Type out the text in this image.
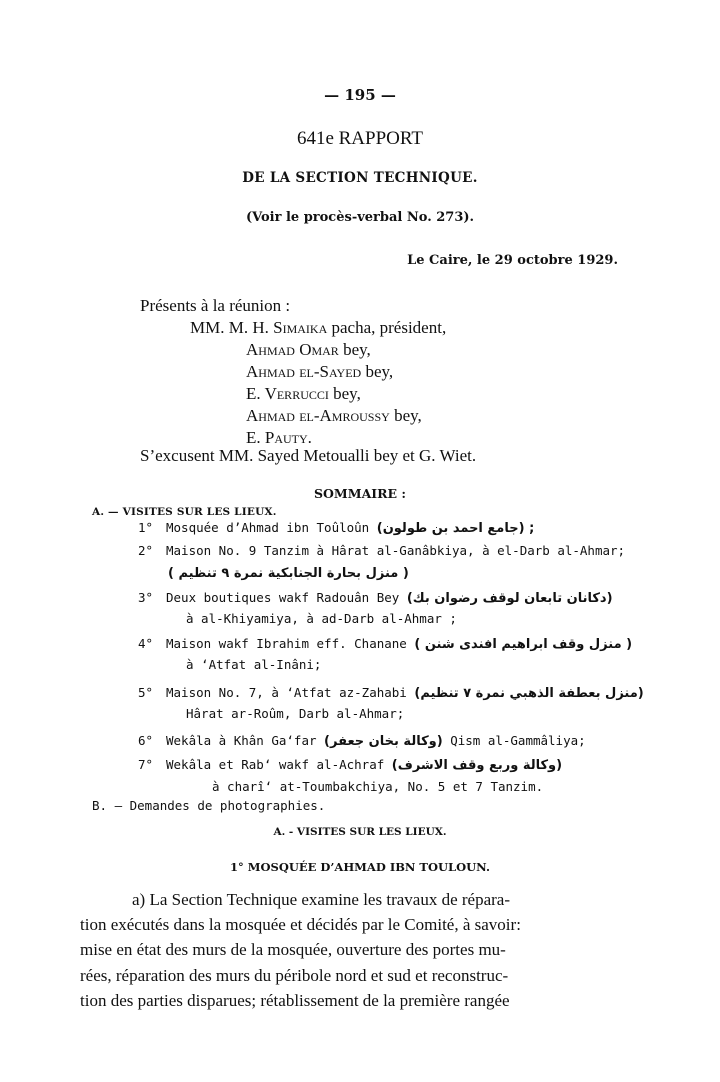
— 195 —
641e RAPPORT
DE LA SECTION TECHNIQUE.
(Voir le procès-verbal No. 273).
Le Caire, le 29 octobre 1929.
Présents à la réunion :
MM. M. H. Simaika pacha, président,
Ahmad Omar bey,
Ahmad el-Sayed bey,
E. Verrucci bey,
Ahmad el-Amroussy bey,
E. Pauty.
S’excusent MM. Sayed Metoualli bey et G. Wiet.
SOMMAIRE :
A. — VISITES SUR LES LIEUX.
1° Mosquée d’Ahmad ibn Toûloûn (جامع احمد بن طولون) ;
2° Maison No. 9 Tanzim à Hârat al-Ganâbkiya, à el-Darb al-Ahmar;
( منزل بحارة الجنابكية نمرة ٩ تنظيم )
3° Deux boutiques wakf Radouân Bey (دكانان تابعان لوقف رضوان بك)
à al-Khiyamiya, à ad-Darb al-Ahmar ;
4° Maison wakf Ibrahim eff. Chanane ( منزل وقف ابراهيم افندى شنن )
à ‘Atfat al-Inâni;
5° Maison No. 7, à ‘Atfat az-Zahabi (منزل بعطفة الذهبي نمرة ٧ تنظيم)
Hârat ar-Roûm, Darb al-Ahmar;
6° Wekâla à Khân Ga‘far (وكالة بخان جعفر) Qism al-Gammâliya;
7° Wekâla et Rab‘ wakf al-Achraf (وكالة وربع وقف الاشرف)
à charî‘ at-Toumbakchiya, No. 5 et 7 Tanzim.
B. — Demandes de photographies.
A. - VISITES SUR LES LIEUX.
1° MOSQUÉE D’AHMAD IBN TOULOUN.
a) La Section Technique examine les travaux de répara-
tion exécutés dans la mosquée et décidés par le Comité, à savoir:
mise en état des murs de la mosquée, ouverture des portes mu-
rées, réparation des murs du péribole nord et sud et reconstruc-
tion des parties disparues; rétablissement de la première rangée
